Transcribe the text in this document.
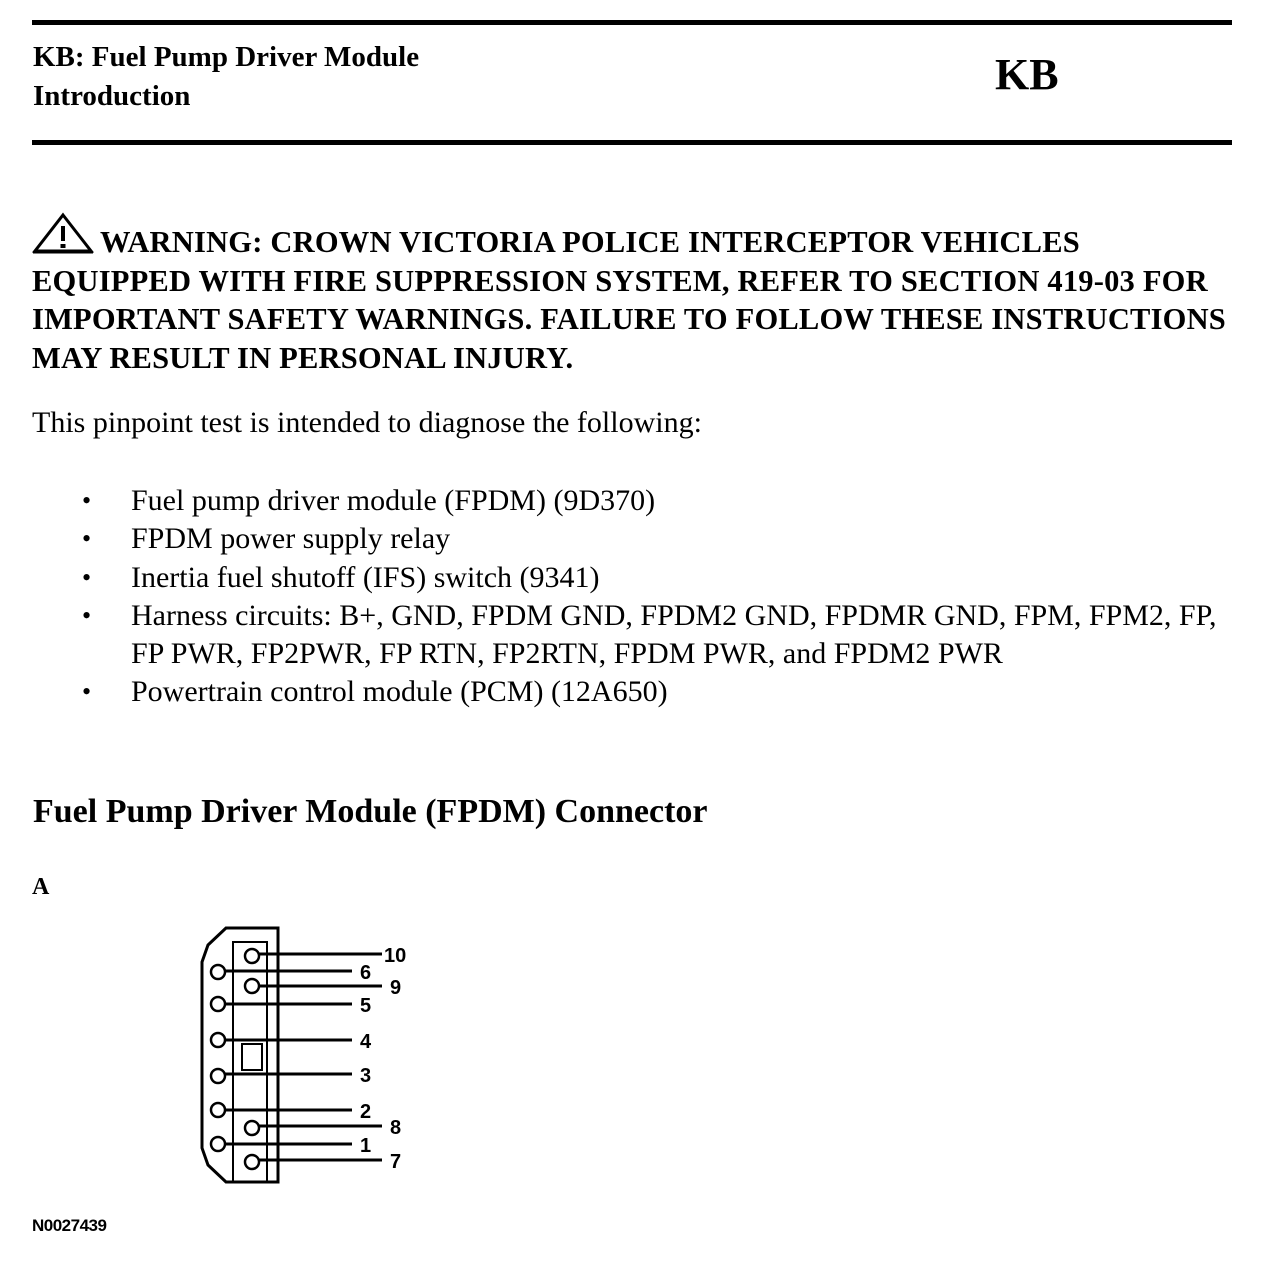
KB: Fuel Pump Driver Module
Introduction	KB
WARNING: CROWN VICTORIA POLICE INTERCEPTOR VEHICLES EQUIPPED WITH FIRE SUPPRESSION SYSTEM, REFER TO SECTION 419-03 FOR IMPORTANT SAFETY WARNINGS. FAILURE TO FOLLOW THESE INSTRUCTIONS MAY RESULT IN PERSONAL INJURY.
This pinpoint test is intended to diagnose the following:
• Fuel pump driver module (FPDM) (9D370)
• FPDM power supply relay
• Inertia fuel shutoff (IFS) switch (9341)
• Harness circuits: B+, GND, FPDM GND, FPDM2 GND, FPDMR GND, FPM, FPM2, FP, FP PWR, FP2PWR, FP RTN, FP2RTN, FPDM PWR, and FPDM2 PWR
• Powertrain control module (PCM) (12A650)
Fuel Pump Driver Module (FPDM) Connector
A
10
6
9
5
4
3
2
8
1
7
N0027439
